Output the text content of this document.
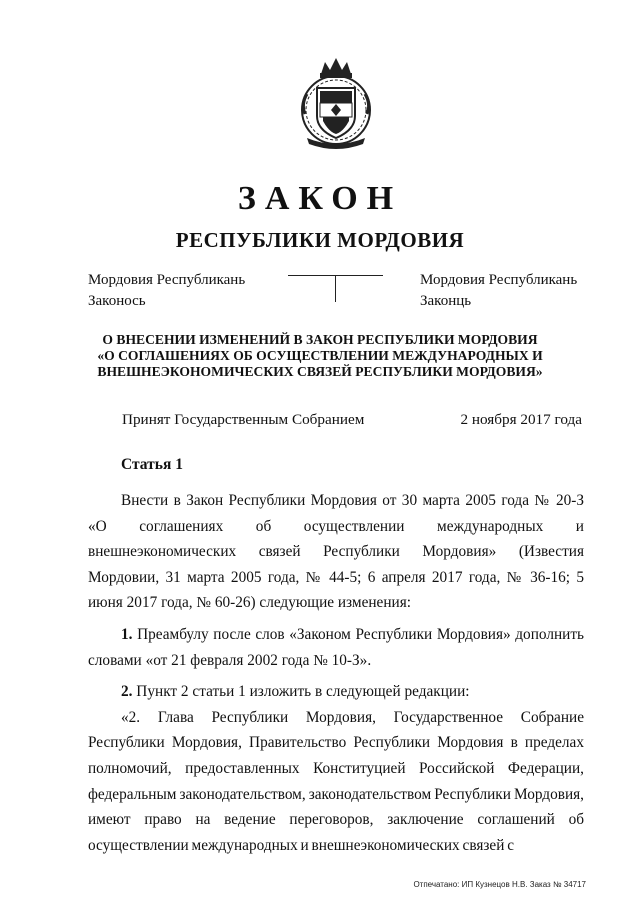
ЗАКОН
РЕСПУБЛИКИ МОРДОВИЯ
Мордовия Республикань
Законось
Мордовия Республикань
Законць
О ВНЕСЕНИИ ИЗМЕНЕНИЙ В ЗАКОН РЕСПУБЛИКИ МОРДОВИЯ
«О СОГЛАШЕНИЯХ ОБ ОСУЩЕСТВЛЕНИИ МЕЖДУНАРОДНЫХ И
ВНЕШНЕЭКОНОМИЧЕСКИХ СВЯЗЕЙ РЕСПУБЛИКИ МОРДОВИЯ»
Принят Государственным Собранием	2 ноября 2017 года
Статья 1

Внести в Закон Республики Мордовия от 30 марта 2005 года № 20-З «О соглашениях об осуществлении международных и внешнеэкономических связей Республики Мордовия» (Известия Мордовии, 31 марта 2005 года, № 44-5; 6 апреля 2017 года, № 36-16; 5 июня 2017 года, № 60-26) следующие изменения:

1. Преамбулу после слов «Законом Республики Мордовия» дополнить словами «от 21 февраля 2002 года № 10-З».

2. Пункт 2 статьи 1 изложить в следующей редакции:

«2. Глава Республики Мордовия, Государственное Собрание Республики Мордовия, Правительство Республики Мордовия в пределах полномочий, предоставленных Конституцией Российской Федерации, федеральным законодательством, законодательством Республики Мордовия, имеют право на ведение переговоров, заключение соглашений об осуществлении международных и внешнеэкономических связей с

Отпечатано: ИП Кузнецов Н.В. Заказ № 34717
